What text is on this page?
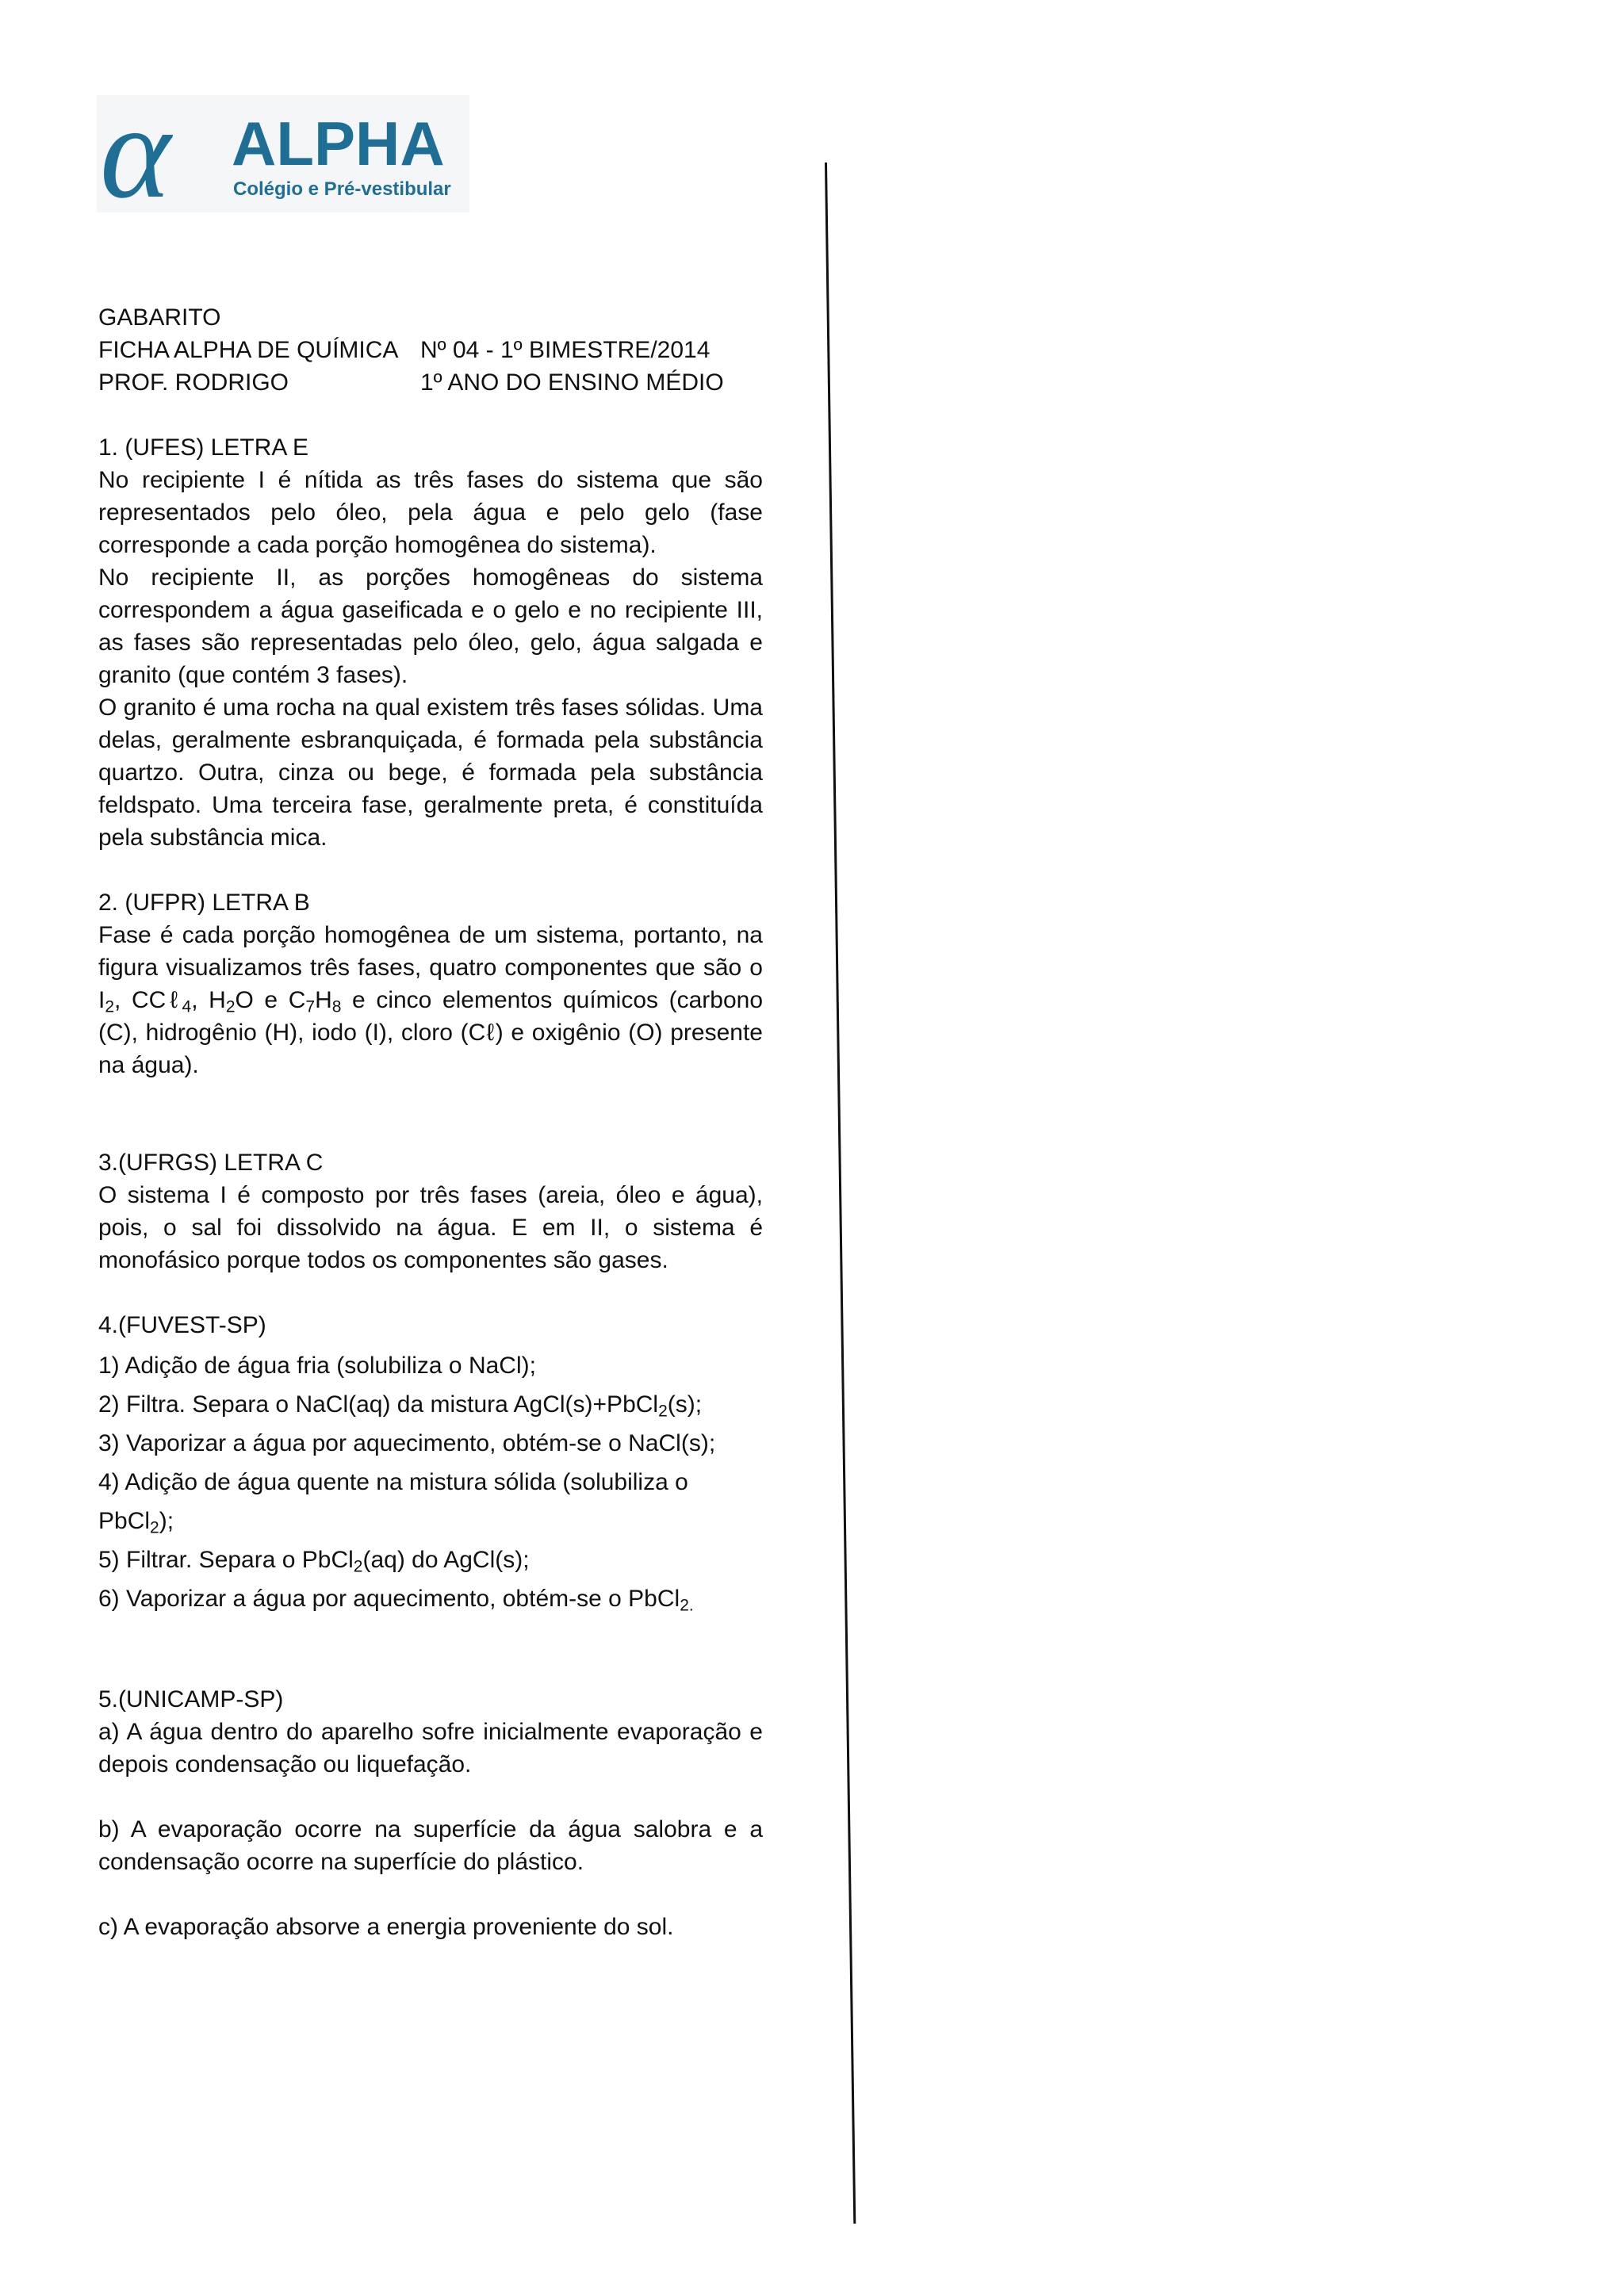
α ALPHA
Colégio e Pré-vestibular
GABARITO
FICHA ALPHA DE QUÍMICA Nº 04 - 1º BIMESTRE/2014
PROF. RODRIGO	1º ANO DO ENSINO MÉDIO
1. (UFES) LETRA E

No recipiente I é nítida as três fases do sistema que são representados pelo óleo, pela água e pelo gelo (fase corresponde a cada porção homogênea do sistema).

No recipiente II, as porções homogêneas do sistema correspondem a água gaseificada e o gelo e no recipiente III, as fases são representadas pelo óleo, gelo, água salgada e granito (que contém 3 fases).

O granito é uma rocha na qual existem três fases sólidas. Uma delas, geralmente esbranquiçada, é formada pela substância quartzo. Outra, cinza ou bege, é formada pela substância feldspato. Uma terceira fase, geralmente preta, é constituída pela substância mica.

2. (UFPR) LETRA B

Fase é cada porção homogênea de um sistema, portanto, na figura visualizamos três fases, quatro componentes que são o $I_2$, CCℓ$_4$, $H_2O$ e $C_7H_8$ e cinco elementos químicos (carbono (C), hidrogênio (H), iodo (I), cloro (Cℓ) e oxigênio (O) presente na água).

3.(UFRGS) LETRA C

O sistema I é composto por três fases (areia, óleo e água), pois, o sal foi dissolvido na água. E em II, o sistema é monofásico porque todos os componentes são gases.

4.(FUVEST-SP)
1) Adição de água fria (solubiliza o NaCl);
2) Filtra. Separa o NaCl(aq) da mistura AgCl(s)+PbCl$_2$(s);
3) Vaporizar a água por aquecimento, obtém-se o NaCl(s);
4) Adição de água quente na mistura sólida (solubiliza o PbCl$_2$);
5) Filtrar. Separa o PbCl$_2$(aq) do AgCl(s);
6) Vaporizar a água por aquecimento, obtém-se o PbCl$_{2.}$
5.(UNICAMP-SP)

a) A água dentro do aparelho sofre inicialmente evaporação e depois condensação ou liquefação.

b) A evaporação ocorre na superfície da água salobra e a condensação ocorre na superfície do plástico.

c) A evaporação absorve a energia proveniente do sol.
